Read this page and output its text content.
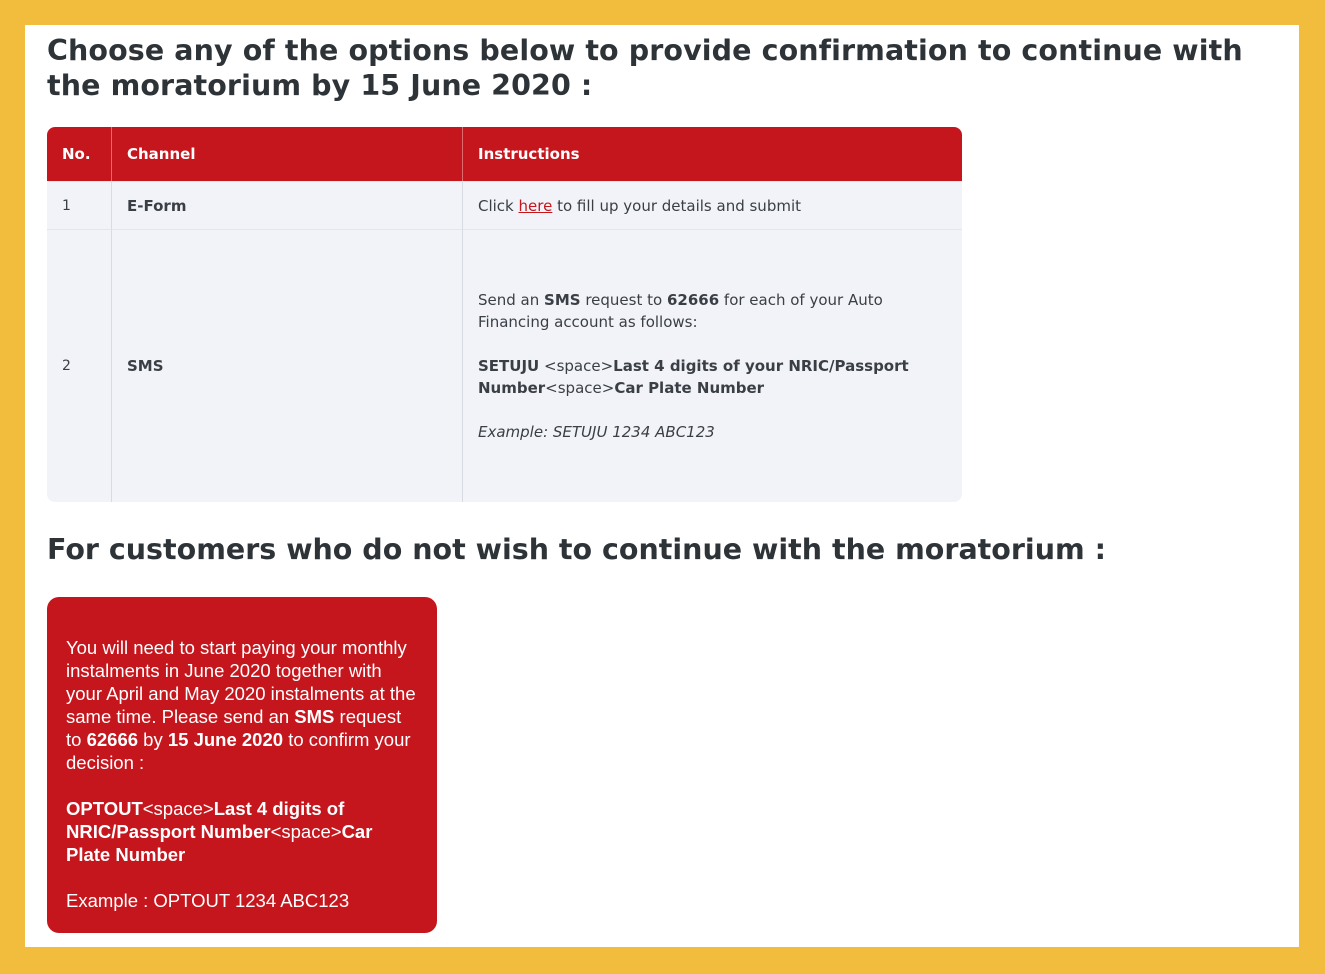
Choose any of the options below to provide confirmation to continue with the moratorium by 15 June 2020 :
No.	Channel	Instructions
1	E-Form	Click here to fill up your details and submit
2	SMS	Send an SMS request to 62666 for each of your Auto Financing account as follows:

SETUJU <space>Last 4 digits of your NRIC/Passport Number<space>Car Plate Number

Example: SETUJU 1234 ABC123

For customers who do not wish to continue with the moratorium :

You will need to start paying your monthly instalments in June 2020 together with your April and May 2020 instalments at the same time. Please send an SMS request to 62666 by 15 June 2020 to confirm your decision :

OPTOUT<space>Last 4 digits of NRIC/Passport Number<space>Car Plate Number

Example : OPTOUT 1234 ABC123
